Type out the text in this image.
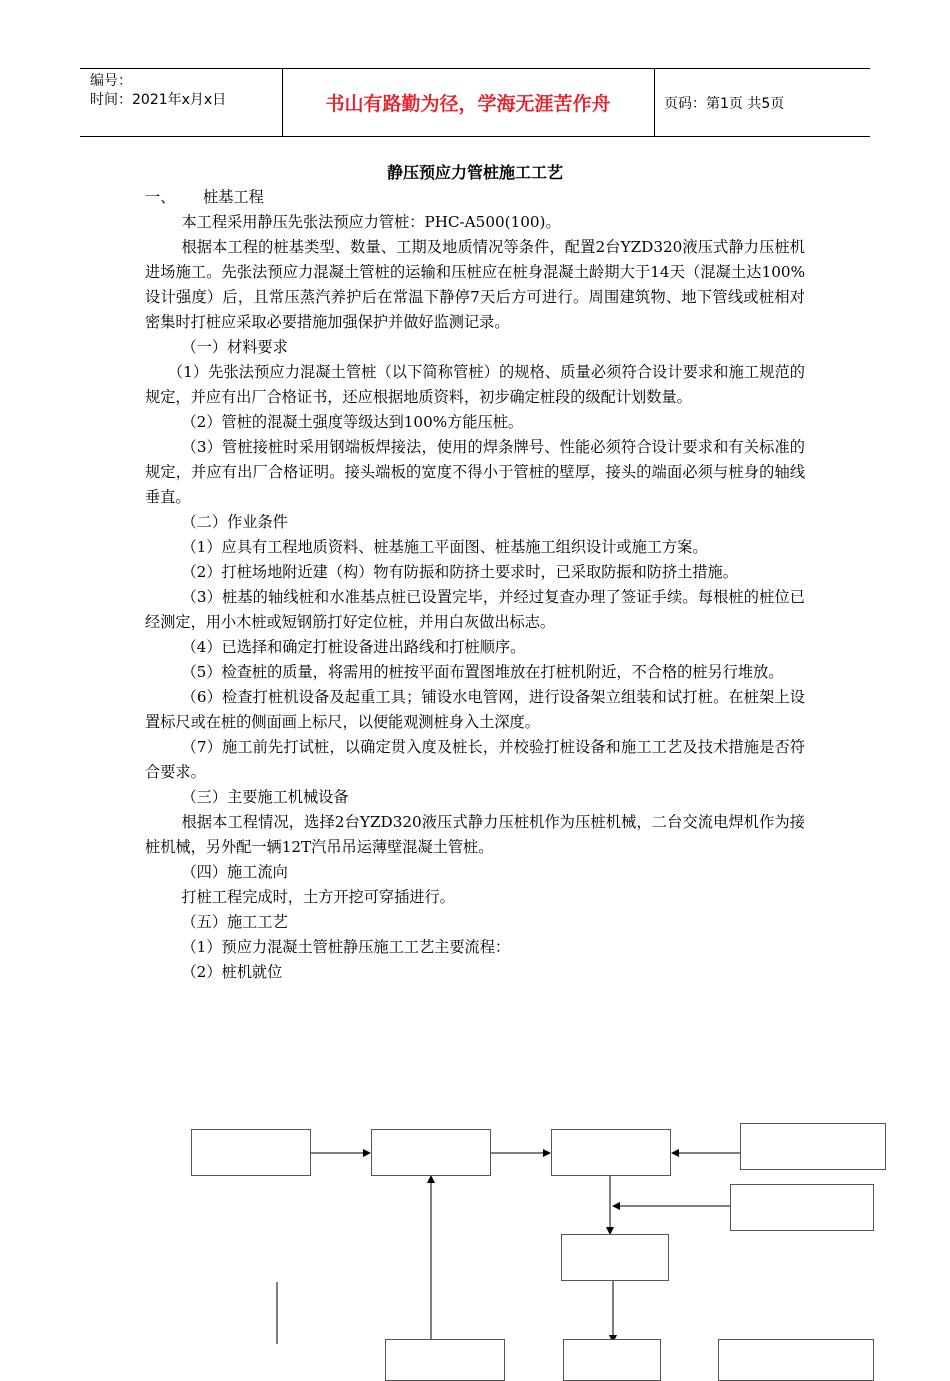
编号：
时间：2021年x月x日	书山有路勤为径，学海无涯苦作舟	页码：第1页 共5页
静压预应力管桩施工工艺

一、 桩基工程

本工程采用静压先张法预应力管桩：PHC-A500(100)。

根据本工程的桩基类型、数量、工期及地质情况等条件，配置2台YZD320液压式静力压桩机进场施工。先张法预应力混凝土管桩的运输和压桩应在桩身混凝土龄期大于14天（混凝土达100%设计强度）后，且常压蒸汽养护后在常温下静停7天后方可进行。周围建筑物、地下管线或桩相对密集时打桩应采取必要措施加强保护并做好监测记录。

（一）材料要求

（1）先张法预应力混凝土管桩（以下简称管桩）的规格、质量必须符合设计要求和施工规范的规定，并应有出厂合格证书，还应根据地质资料，初步确定桩段的级配计划数量。

（2）管桩的混凝土强度等级达到100%方能压桩。

（3）管桩接桩时采用钢端板焊接法，使用的焊条牌号、性能必须符合设计要求和有关标准的规定，并应有出厂合格证明。接头端板的宽度不得小于管桩的壁厚，接头的端面必须与桩身的轴线垂直。

（二）作业条件

（1）应具有工程地质资料、桩基施工平面图、桩基施工组织设计或施工方案。

（2）打桩场地附近建（构）物有防振和防挤土要求时，已采取防振和防挤土措施。

（3）桩基的轴线桩和水准基点桩已设置完毕，并经过复查办理了签证手续。每根桩的桩位已经测定，用小木桩或短钢筋打好定位桩，并用白灰做出标志。

（4）已选择和确定打桩设备进出路线和打桩顺序。

（5）检查桩的质量，将需用的桩按平面布置图堆放在打桩机附近，不合格的桩另行堆放。

（6）检查打桩机设备及起重工具；铺设水电管网，进行设备架立组装和试打桩。在桩架上设置标尺或在桩的侧面画上标尺，以便能观测桩身入土深度。

（7）施工前先打试桩，以确定贯入度及桩长，并校验打桩设备和施工工艺及技术措施是否符合要求。

（三）主要施工机械设备

根据本工程情况，选择2台YZD320液压式静力压桩机作为压桩机械，二台交流电焊机作为接桩机械，另外配一辆12T汽吊吊运薄壁混凝土管桩。

（四）施工流向

打桩工程完成时，土方开挖可穿插进行。

（五）施工工艺

（1）预应力混凝土管桩静压施工工艺主要流程：

（2）桩机就位
